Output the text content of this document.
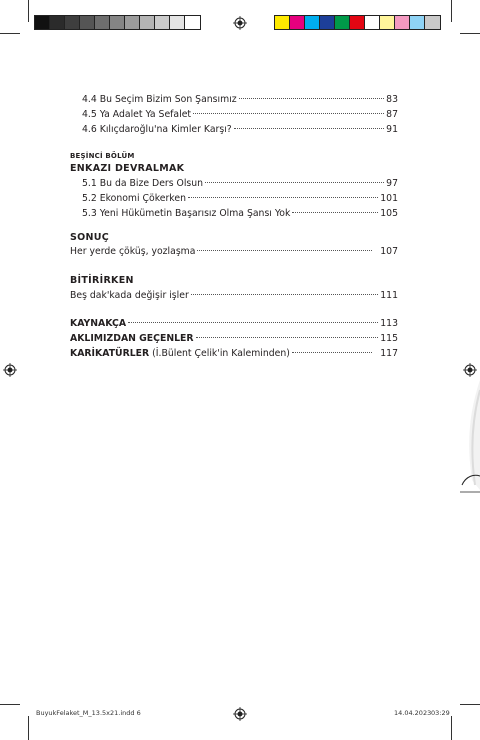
4.4 Bu Seçim Bizim Son Şansımız	83
4.5 Ya Adalet Ya Sefalet	87
4.6 Kılıçdaroğlu'na Kimler Karşı?	91
BEŞİNCİ BÖLÜM
ENKAZI DEVRALMAK
5.1 Bu da Bize Ders Olsun	97
5.2 Ekonomi Çökerken	101
5.3 Yeni Hükümetin Başarısız Olma Şansı Yok	105
SONUÇ
Her yerde çöküş, yozlaşma	107
BİTİRİRKEN
Beş dak'kada değişir işler	111
KAYNAKÇA	113
AKLIMIZDAN GEÇENLER	115
KARİKATÜRLER (İ.Bülent Çelik'in Kaleminden)	117
BuyukFelaket_M_13.5x21.indd 6	14.04.2023 03:29
